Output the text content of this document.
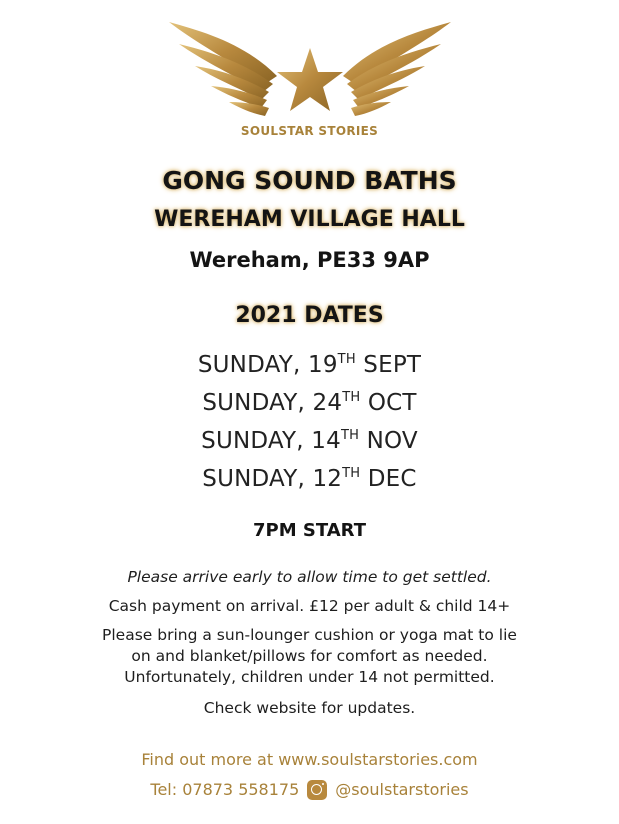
SOULSTAR STORIES
GONG SOUND BATHS
WEREHAM VILLAGE HALL
Wereham, PE33 9AP
2021 DATES
SUNDAY, 19TH SEPT
SUNDAY, 24TH OCT
SUNDAY, 14TH NOV
SUNDAY, 12TH DEC
7PM START
Please arrive early to allow time to get settled.
Cash payment on arrival. £12 per adult & child 14+
Please bring a sun-lounger cushion or yoga mat to lie
on and blanket/pillows for comfort as needed.
Unfortunately, children under 14 not permitted.
Check website for updates.
Find out more at www.soulstarstories.com
Tel: 07873 558175 @soulstarstories
